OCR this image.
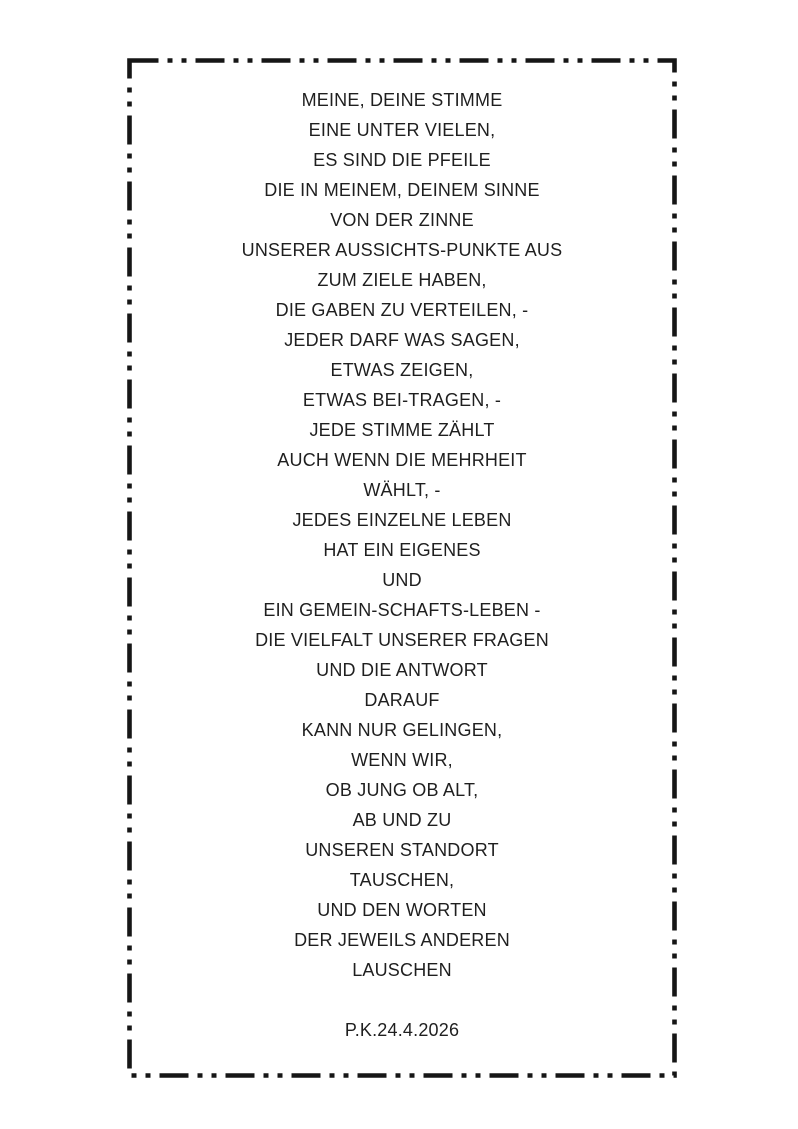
MEINE, DEINE STIMME
EINE UNTER VIELEN,
ES SIND DIE PFEILE
DIE IN MEINEM, DEINEM SINNE
VON DER ZINNE
UNSERER AUSSICHTS-PUNKTE AUS
ZUM ZIELE HABEN,
DIE GABEN ZU VERTEILEN, -
JEDER DARF WAS SAGEN,
ETWAS ZEIGEN,
ETWAS BEI-TRAGEN, -
JEDE STIMME ZÄHLT
AUCH WENN DIE MEHRHEIT
WÄHLT, -
JEDES EINZELNE LEBEN
HAT EIN EIGENES
UND
EIN GEMEIN-SCHAFTS-LEBEN -
DIE VIELFALT UNSERER FRAGEN
UND DIE ANTWORT
DARAUF
KANN NUR GELINGEN,
WENN WIR,
OB JUNG OB ALT,
AB UND ZU
UNSEREN STANDORT
TAUSCHEN,
UND DEN WORTEN
DER JEWEILS ANDEREN
LAUSCHEN
P.K.24.4.2026
